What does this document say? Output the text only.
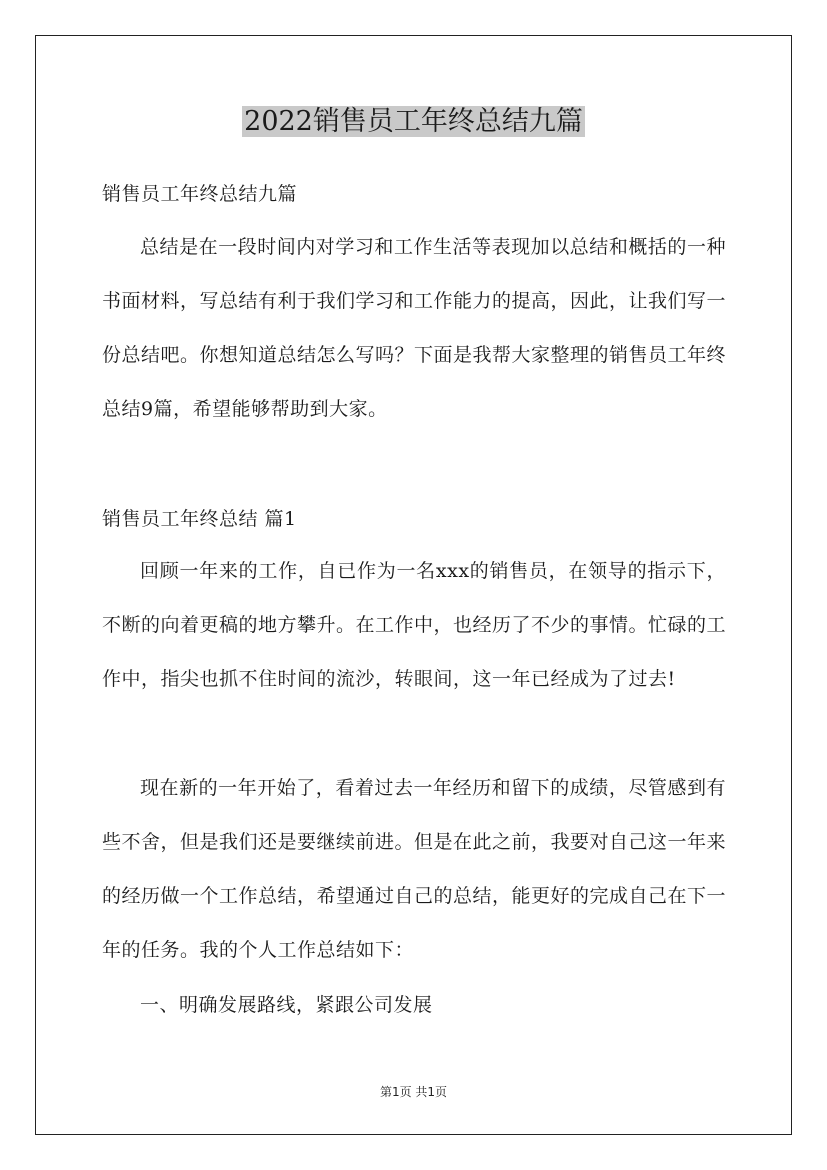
2022销售员工年终总结九篇
销售员工年终总结九篇

总结是在一段时间内对学习和工作生活等表现加以总结和概括的一种书面材料，写总结有利于我们学习和工作能力的提高，因此，让我们写一份总结吧。你想知道总结怎么写吗？下面是我帮大家整理的销售员工年终总结9篇，希望能够帮助到大家。

销售员工年终总结 篇1

回顾一年来的工作，自已作为一名xxx的销售员，在领导的指示下，不断的向着更稿的地方攀升。在工作中，也经历了不少的事情。忙碌的工作中，指尖也抓不住时间的流沙，转眼间，这一年已经成为了过去!

现在新的一年开始了，看着过去一年经历和留下的成绩，尽管感到有些不舍，但是我们还是要继续前进。但是在此之前，我要对自己这一年来的经历做一个工作总结，希望通过自己的总结，能更好的完成自己在下一年的任务。我的个人工作总结如下：

一、明确发展路线，紧跟公司发展

第1页 共1页
